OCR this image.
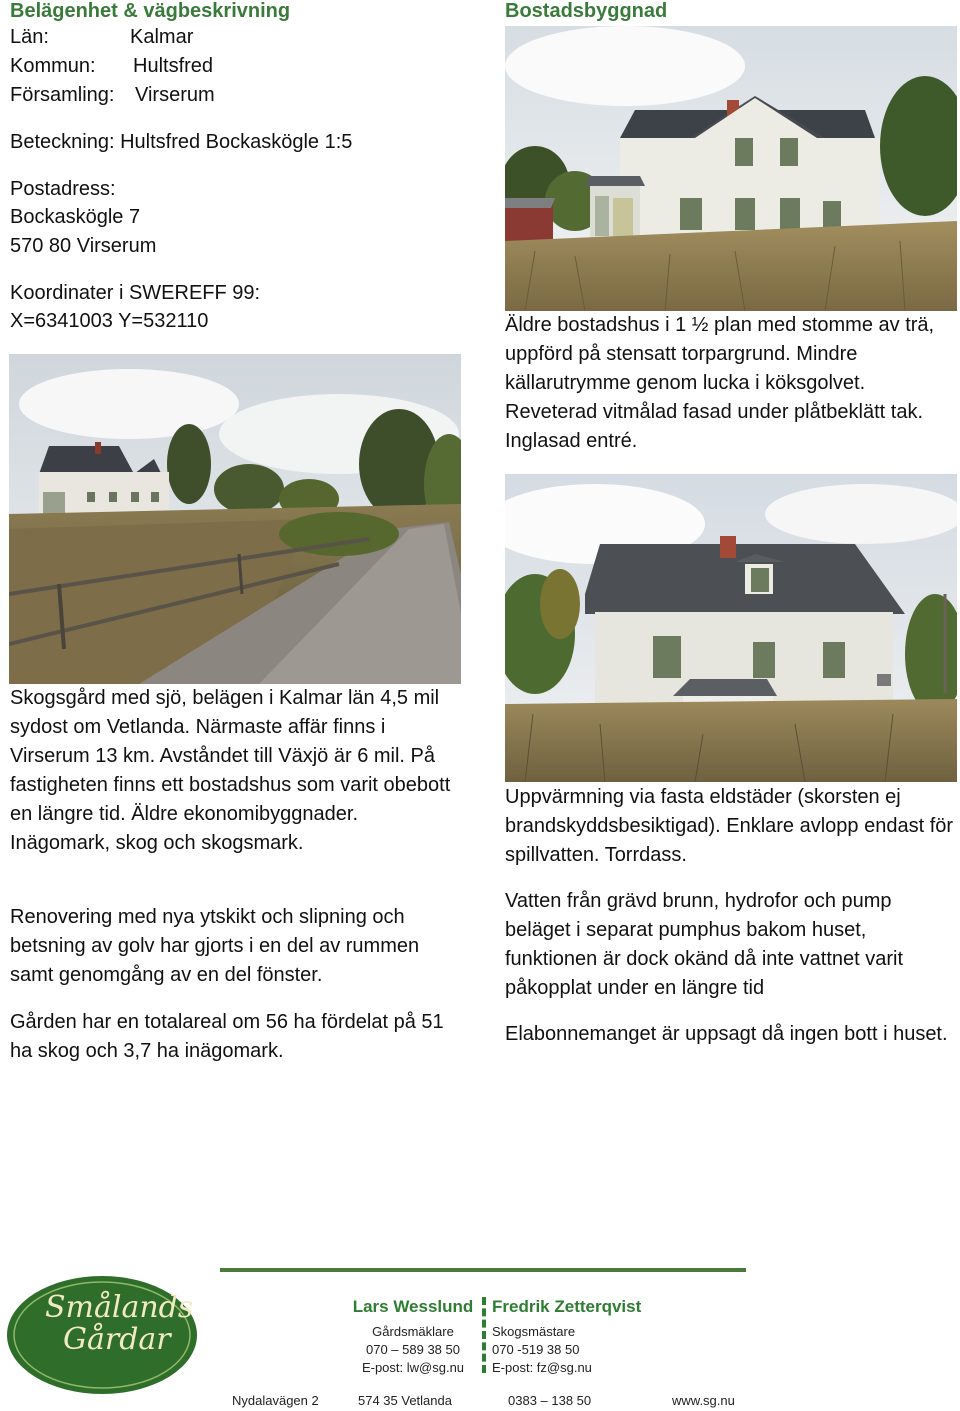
Belägenhet & vägbeskrivning
Län:	Kalmar
Kommun: Hultsfred
Församling: Virserum
Beteckning: Hultsfred Bockaskögle 1:5
Postadress:
Bockaskögle 7
570 80 Virserum
Koordinater i SWEREFF 99:
X=6341003 Y=532110
Skogsgård med sjö, belägen i Kalmar län 4,5 mil sydost om Vetlanda. Närmaste affär finns i Virserum 13 km. Avståndet till Växjö är 6 mil. På fastigheten finns ett bostadshus som varit obebott en längre tid. Äldre ekonomibyggnader. Inägomark, skog och skogsmark.
Renovering med nya ytskikt och slipning och betsning av golv har gjorts i en del av rummen samt genomgång av en del fönster.
Gården har en totalareal om 56 ha fördelat på 51 ha skog och 3,7 ha inägomark.
Bostadsbyggnad
Äldre bostadshus i 1 ½ plan med stomme av trä, uppförd på stensatt torpargrund. Mindre källarutrymme genom lucka i köksgolvet. Reveterad vitmålad fasad under plåtbeklätt tak. Inglasad entré.
Uppvärmning via fasta eldstäder (skorsten ej brandskyddsbesiktigad). Enklare avlopp endast för spillvatten. Torrdass.
Vatten från grävd brunn, hydrofor och pump beläget i separat pumphus bakom huset, funktionen är dock okänd då inte vattnet varit påkopplat under en längre tid
Elabonnemanget är uppsagt då ingen bott i huset.
Smålands
Gårdar
Lars Wesslund
Gårdsmäklare
070 – 589 38 50
E-post: lw@sg.nu
Fredrik Zetterqvist
Skogsmästare
070 -519 38 50
E-post: fz@sg.nu
Nydalavägen 2	574 35 Vetlanda	0383 – 138 50	www.sg.nu
